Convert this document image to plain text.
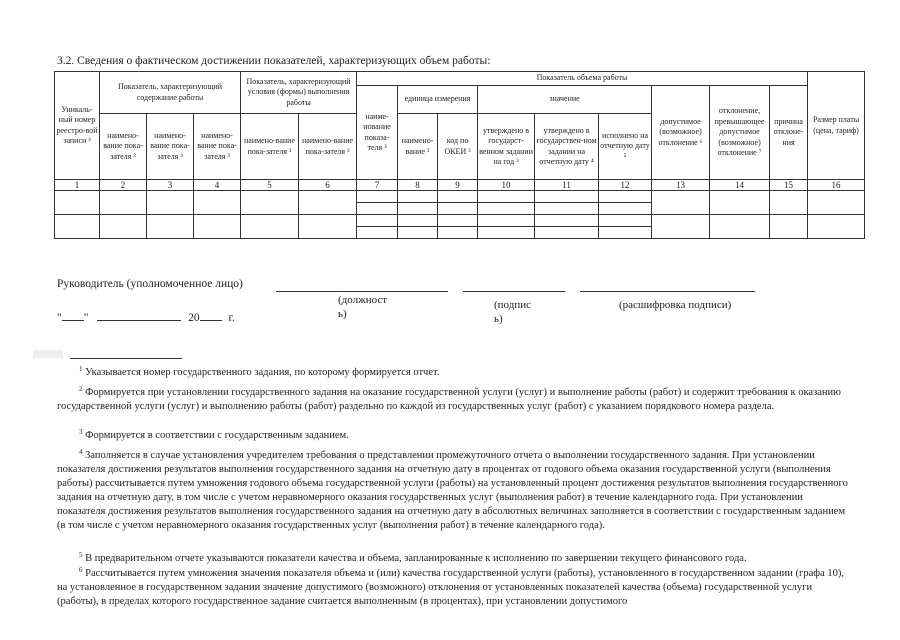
3.2. Сведения о фактическом достижении показателей, характеризующих объем работы:
Уникаль-ный номер реестро-вой записи ³	Показатель, характеризующий содержание работы			Показатель, характеризующий условия (формы) выполнения работы		Показатель объема работы									Размер платы (цена, тариф)
						наиме-нование показа-теля ³	единица измерения		значение			допустимое (возможное) отклонение ⁶	отклонение, превышающее допустимое (возможное) отклонение ⁷	причина отклоне-ния	
	наимено-вание пока-зателя ³	наимено-вание пока-зателя ³	наимено-вание пока-зателя ³	наимено-вание пока-зателя ³	наимено-вание пока-зателя ³		наимено-вание ³	код по ОКЕИ ³	утверждено в государст-венном задании на год ³	утверждено в государствен-ном задании на отчетную дату ⁴	исполнено на отчетную дату ⁵				
1	2	3	4	5	6	7	8	9	10	11	12	13	14	15	16

Руководитель (уполномоченное лицо)
(должност ь)
(подпис ь)
(расшифровка подписи)
" "	20	г.
$^1$ Указывается номер государственного задания, по которому формируется отчет.
$^2$ Формируется при установлении государственного задания на оказание государственной услуги (услуг) и выполнение работы (работ) и содержит требования к оказанию государственной услуги (услуг) и выполнению работы (работ) раздельно по каждой из государственных услуг (работ) с указанием порядкового номера раздела.
$^3$ Формируется в соответствии с государственным заданием.
$^4$ Заполняется в случае установления учредителем требования о представлении промежуточного отчета о выполнении государственного задания. При установлении показателя достижения результатов выполнения государственного задания на отчетную дату в процентах от годового объема оказания государственной услуги (выполнения работы) рассчитывается путем умножения годового объема государственной услуги (работы) на установленный процент достижения результатов выполнения государственного задания на отчетную дату, в том числе с учетом неравномерного оказания государственных услуг (выполнения работ) в течение календарного года. При установлении показателя достижения результатов выполнения государственного задания на отчетную дату в абсолютных величинах заполняется в соответствии с государственным заданием (в том числе с учетом неравномерного оказания государственных услуг (выполнения работ) в течение календарного года).
$^5$ В предварительном отчете указываются показатели качества и объема, запланированные к исполнению по завершении текущего финансового года.
$^6$ Рассчитывается путем умножения значения показателя объема и (или) качества государственной услуги (работы), установленного в государственном задании (графа 10), на установленное в государственном задании значение допустимого (возможного) отклонения от установленных показателей качества (объема) государственной услуги (работы), в пределах которого государственное задание считается выполненным (в процентах), при установлении допустимого
